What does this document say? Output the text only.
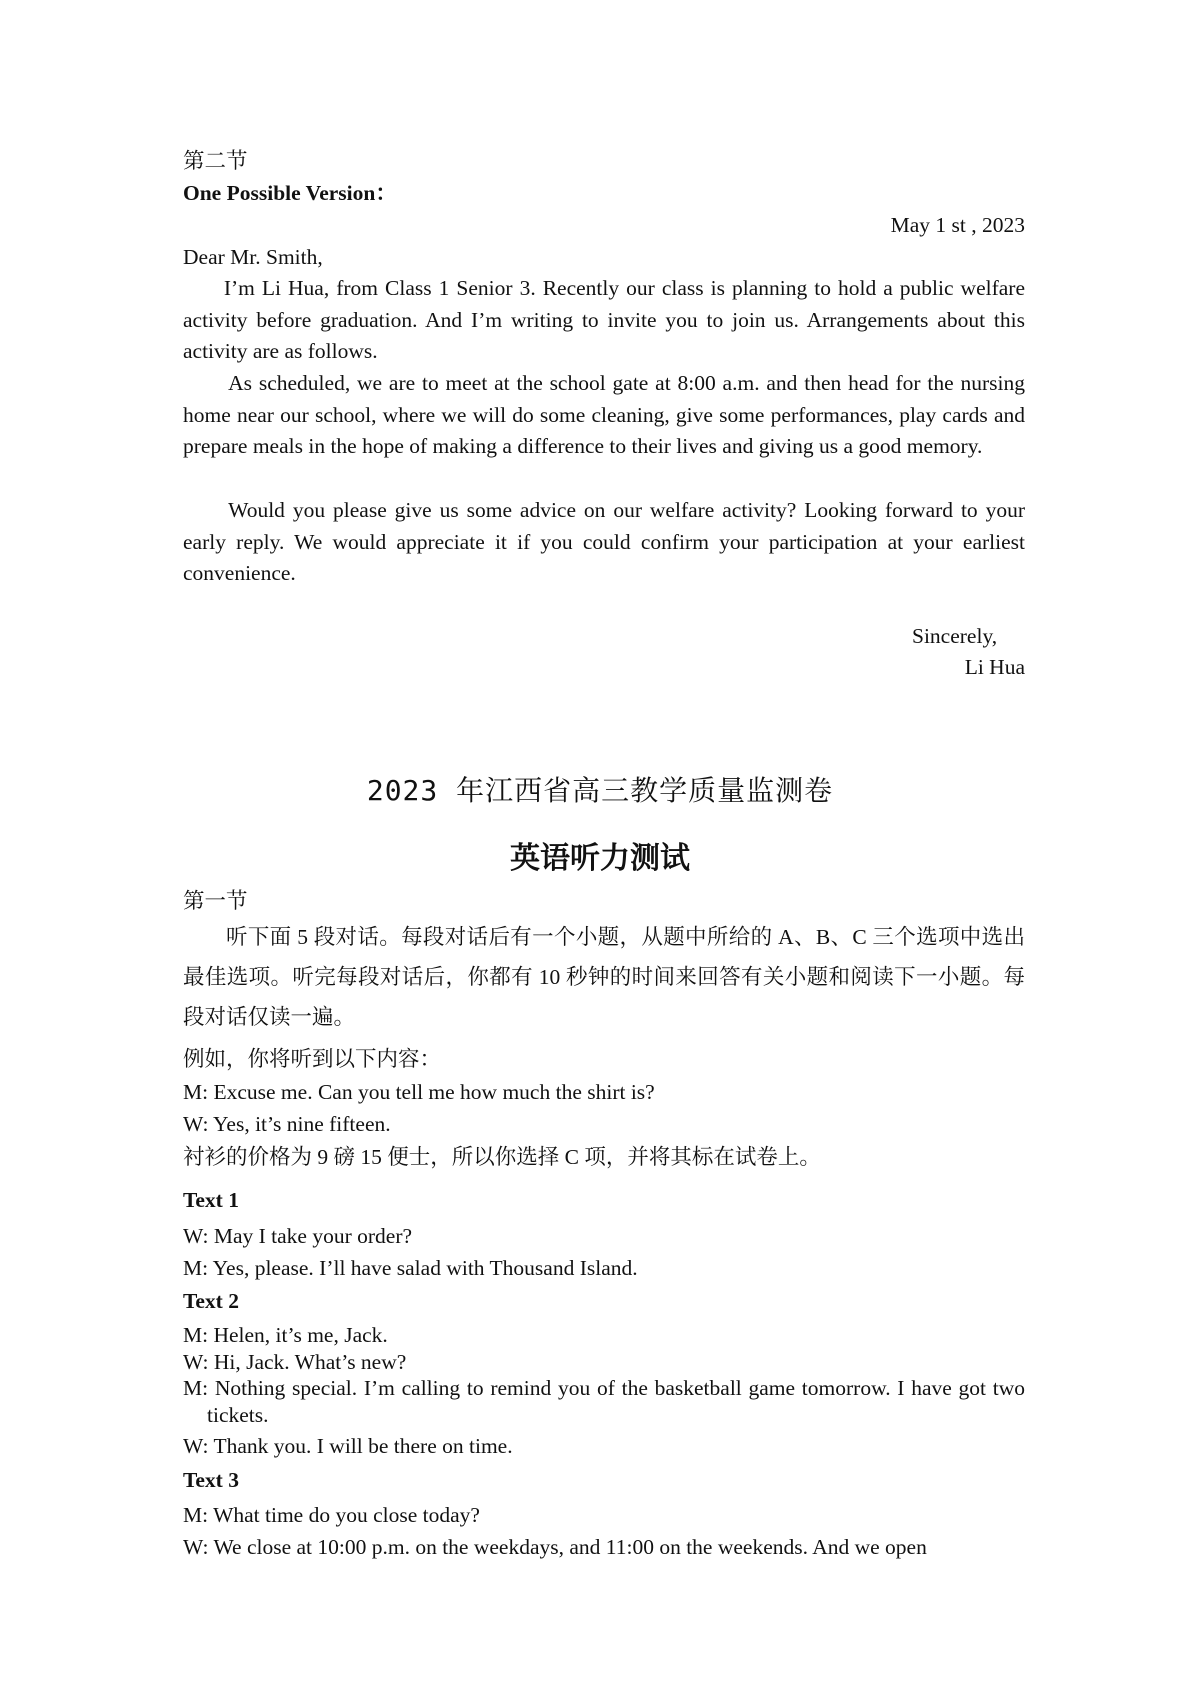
第二节
One Possible Version：
May 1 st , 2023
Dear Mr. Smith,
I’m Li Hua, from Class 1 Senior 3. Recently our class is planning to hold a public welfare activity before graduation. And I’m writing to invite you to join us. Arrangements about this activity are as follows.
As scheduled, we are to meet at the school gate at 8:00 a.m. and then head for the nursing home near our school, where we will do some cleaning, give some performances, play cards and prepare meals in the hope of making a difference to their lives and giving us a good memory.
Would you please give us some advice on our welfare activity? Looking forward to your early reply. We would appreciate it if you could confirm your participation at your earliest convenience.
Sincerely,
Li Hua
2023 年江西省高三教学质量监测卷
英语听力测试
第一节
听下面 5 段对话。每段对话后有一个小题，从题中所给的 A、B、C 三个选项中选出最佳选项。听完每段对话后，你都有 10 秒钟的时间来回答有关小题和阅读下一小题。每段对话仅读一遍。
例如，你将听到以下内容：
M: Excuse me. Can you tell me how much the shirt is?
W: Yes, it’s nine fifteen.
衬衫的价格为 9 磅 15 便士，所以你选择 C 项，并将其标在试卷上。
Text 1
W: May I take your order?
M: Yes, please. I’ll have salad with Thousand Island.
Text 2
M: Helen, it’s me, Jack.
W: Hi, Jack. What’s new?
M: Nothing special. I’m calling to remind you of the basketball game tomorrow. I have got two tickets.
W: Thank you. I will be there on time.
Text 3
M: What time do you close today?
W: We close at 10:00 p.m. on the weekdays, and 11:00 on the weekends. And we open
